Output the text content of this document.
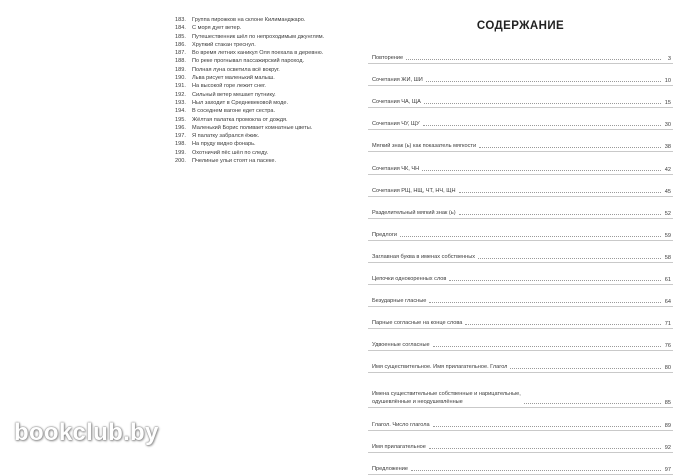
183.	Группа пирожков на склоне Килиманджаро.
184.	С моря дует ветер.
185.	Путешественник шёл по непроходимым джунглям.
186.	Хрупкий стакан треснул.
187.	Во время летних каникул Оля поехала в деревню.
188.	По реке прогнывал пассажирский пароход.
189.	Полная луна осветила всё вокруг.
190.	Льва рисует маленький малыш.
191.	На высокой горе лежит снег.
192.	Сильный ветер мешает путнику.
193.	Ныл заходит в Средневековой моде.
194.	В соседнем вагоне едет сестра.
195.	Жёлтая палатка промокла от дождя.
196.	Маленький Борис поливает комнатные цветы.
197.	Я палатку забрался ёжик.
198.	На пруду видно фонарь.
199.	Охотничий пёс шёл по следу.
200.	Пчелиные ульи стоят на пасеке.
СОДЕРЖАНИЕ
Повторение	3
Сочетания ЖИ, ШИ	10
Сочетания ЧА, ЩА	15
Сочетания ЧУ, ЩУ	30
Мягкий знак (ь) как показатель мягкости	38
Сочетания ЧК, ЧН	42
Сочетания РЩ, НЩ, ЧТ, НЧ, ЩН	45
Разделительный мягкий знак (ь)	52
Предлоги	59
Заглавная буква в именах собственных	58
Цепочки однокоренных слов	61
Безударные гласные	64
Парные согласные на конце слова	71
Удвоенные согласные	76
Имя существительное. Имя прилагательное. Глагол	80
Имена существительные собственные и нарицательные,
одушевлённые и неодушевлённые	85
Глагол. Число глагола	89
Имя прилагательное	92
Предложение	97
bookclub.by
